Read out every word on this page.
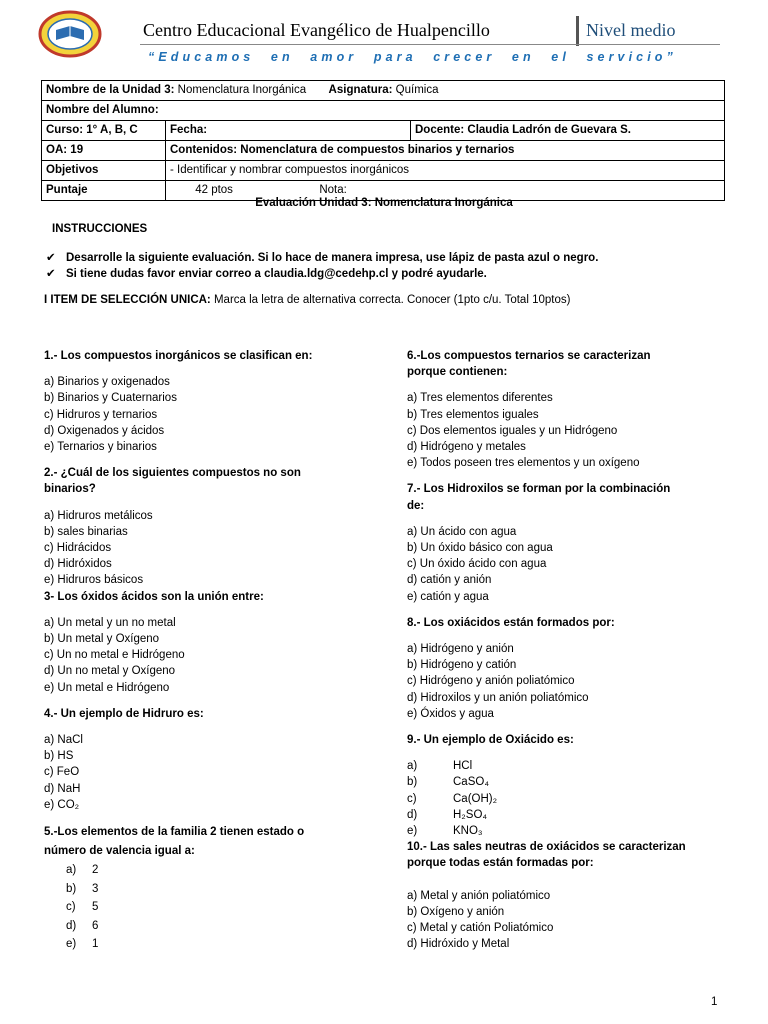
Centro Educacional Evangélico de Hualpencillo	Nivel medio
“Educamos en amor para crecer en el servicio”
Nombre de la Unidad 3: Nomenclatura Inorgánica Asignatura: Química		
Nombre del Alumno:		
Curso: 1° A, B, C	Fecha:	Docente: Claudia Ladrón de Guevara S.
OA: 19	Contenidos: Nomenclatura de compuestos binarios y ternarios	
Objetivos	- Identificar y nombrar compuestos inorgánicos	
Puntaje	42 ptos Nota:	
Evaluación Unidad 3: Nomenclatura Inorgánica
INSTRUCCIONES
✔ Desarrolle la siguiente evaluación. Si lo hace de manera impresa, use lápiz de pasta azul o negro.
✔ Si tiene dudas favor enviar correo a claudia.ldg@cedehp.cl y podré ayudarle.
I ITEM DE SELECCIÓN UNICA: Marca la letra de alternativa correcta. Conocer (1pto c/u. Total 10ptos)
1.- Los compuestos inorgánicos se clasifican en:
a) Binarios y oxigenados
b) Binarios y Cuaternarios
c) Hidruros y ternarios
d) Oxigenados y ácidos
e) Ternarios y binarios
2.- ¿Cuál de los siguientes compuestos no son
binarios?
a) Hidruros metálicos
b) sales binarias
c) Hidrácidos
d) Hidróxidos
e) Hidruros básicos
3- Los óxidos ácidos son la unión entre:
a) Un metal y un no metal
b) Un metal y Oxígeno
c) Un no metal e Hidrógeno
d) Un no metal y Oxígeno
e) Un metal e Hidrógeno
4.- Un ejemplo de Hidruro es:
a) NaCl
b) HS
c) FeO
d) NaH
e) CO₂
5.-Los elementos de la familia 2 tienen estado o
número de valencia igual a:
a) 2
b) 3
c) 5
d) 6
e) 1
6.-Los compuestos ternarios se caracterizan
porque contienen:
a) Tres elementos diferentes
b) Tres elementos iguales
c) Dos elementos iguales y un Hidrógeno
d) Hidrógeno y metales
e) Todos poseen tres elementos y un oxígeno
7.- Los Hidroxilos se forman por la combinación
de:
a) Un ácido con agua
b) Un óxido básico con agua
c) Un óxido ácido con agua
d) catión y anión
e) catión y agua
8.- Los oxiácidos están formados por:
a) Hidrógeno y anión
b) Hidrógeno y catión
c) Hidrógeno y anión poliatómico
d) Hidroxilos y un anión poliatómico
e) Óxidos y agua
9.- Un ejemplo de Oxiácido es:
a)	HCl
b)	CaSO₄
c)	Ca(OH)₂
d)	H₂SO₄
e)	KNO₃
10.- Las sales neutras de oxiácidos se caracterizan
porque todas están formadas por:
a) Metal y anión poliatómico
b) Oxígeno y anión
c) Metal y catión Poliatómico
d) Hidróxido y Metal
1
